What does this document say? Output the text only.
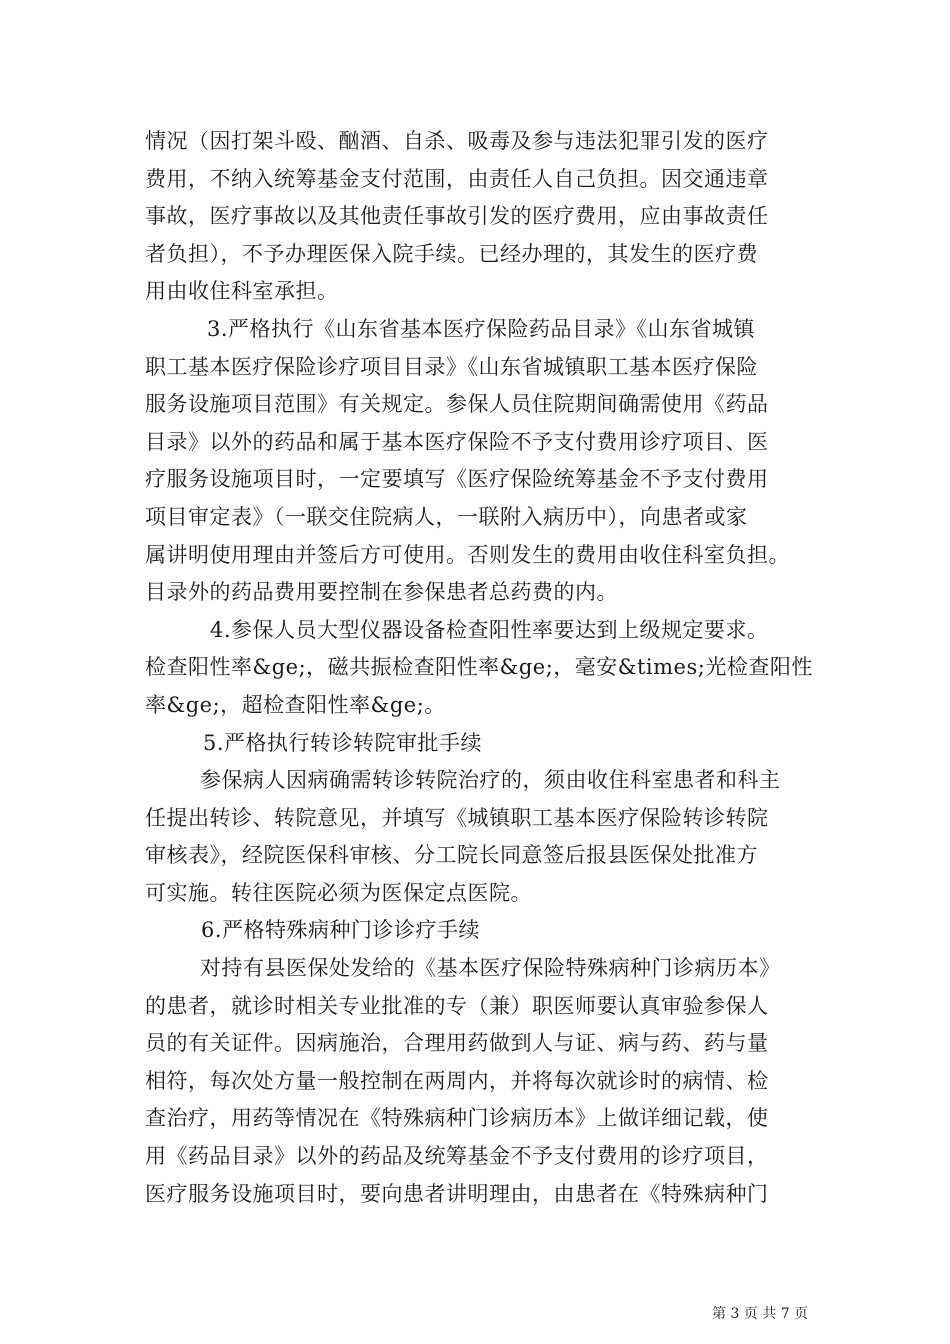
情况（因打架斗殴、酗酒、自杀、吸毒及参与违法犯罪引发的医疗
费用，不纳入统筹基金支付范围，由责任人自己负担。因交通违章
事故，医疗事故以及其他责任事故引发的医疗费用，应由事故责任
者负担），不予办理医保入院手续。已经办理的，其发生的医疗费
用由收住科室承担。
3.严格执行《山东省基本医疗保险药品目录》《山东省城镇
职工基本医疗保险诊疗项目目录》《山东省城镇职工基本医疗保险
服务设施项目范围》有关规定。参保人员住院期间确需使用《药品
目录》以外的药品和属于基本医疗保险不予支付费用诊疗项目、医
疗服务设施项目时，一定要填写《医疗保险统筹基金不予支付费用
项目审定表》（一联交住院病人，一联附入病历中），向患者或家
属讲明使用理由并签后方可使用。否则发生的费用由收住科室负担。
目录外的药品费用要控制在参保患者总药费的内。
4.参保人员大型仪器设备检查阳性率要达到上级规定要求。
检查阳性率&ge;，磁共振检查阳性率&ge;，毫安&times;光检查阳性
率&ge;，超检查阳性率&ge;。
5.严格执行转诊转院审批手续
参保病人因病确需转诊转院治疗的，须由收住科室患者和科主
任提出转诊、转院意见，并填写《城镇职工基本医疗保险转诊转院
审核表》，经院医保科审核、分工院长同意签后报县医保处批准方
可实施。转往医院必须为医保定点医院。
6.严格特殊病种门诊诊疗手续
对持有县医保处发给的《基本医疗保险特殊病种门诊病历本》
的患者，就诊时相关专业批准的专（兼）职医师要认真审验参保人
员的有关证件。因病施治，合理用药做到人与证、病与药、药与量
相符，每次处方量一般控制在两周内，并将每次就诊时的病情、检
查治疗，用药等情况在《特殊病种门诊病历本》上做详细记载，使
用《药品目录》以外的药品及统筹基金不予支付费用的诊疗项目，
医疗服务设施项目时，要向患者讲明理由，由患者在《特殊病种门
第 3 页 共 7 页
